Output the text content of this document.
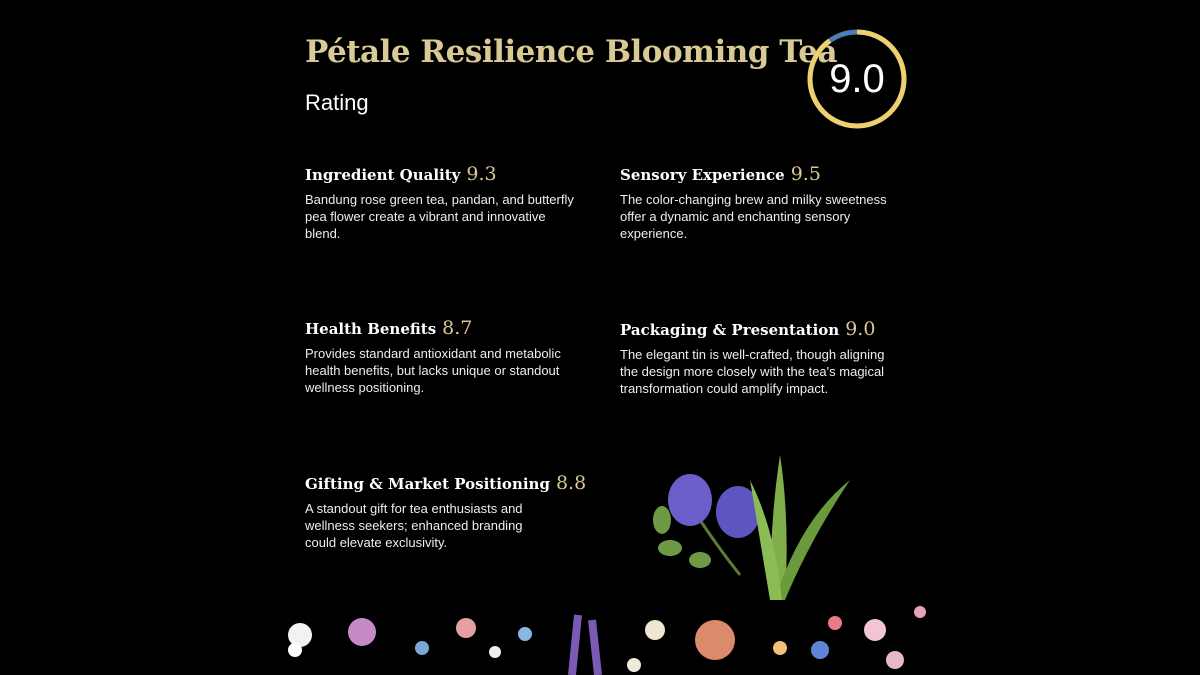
Pétale Resilience Blooming Tea
Rating
9.0
Ingredient Quality 9.3

Bandung rose green tea, pandan, and butterfly pea flower create a vibrant and innovative blend.

Sensory Experience 9.5

The color-changing brew and milky sweetness offer a dynamic and enchanting sensory experience.

Health Benefits 8.7

Provides standard antioxidant and metabolic health benefits, but lacks unique or standout wellness positioning.

Packaging & Presentation 9.0

The elegant tin is well-crafted, though aligning the design more closely with the tea's magical transformation could amplify impact.

Gifting & Market Positioning 8.8

A standout gift for tea enthusiasts and wellness seekers; enhanced branding could elevate exclusivity.
